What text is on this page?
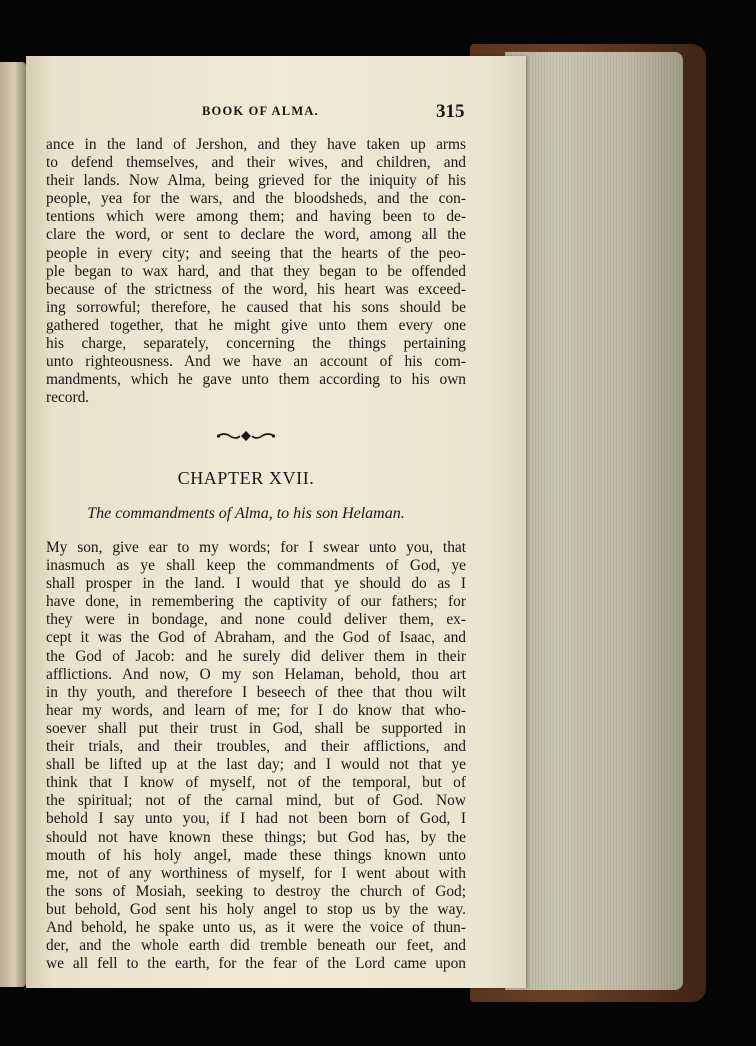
BOOK OF ALMA.	315
ance in the land of Jershon, and they have taken up arms
to defend themselves, and their wives, and children, and
their lands. Now Alma, being grieved for the iniquity of his
people, yea for the wars, and the bloodsheds, and the con-
tentions which were among them; and having been to de-
clare the word, or sent to declare the word, among all the
people in every city; and seeing that the hearts of the peo-
ple began to wax hard, and that they began to be offended
because of the strictness of the word, his heart was exceed-
ing sorrowful; therefore, he caused that his sons should be
gathered together, that he might give unto them every one
his charge, separately, concerning the things pertaining
unto righteousness. And we have an account of his com-
mandments, which he gave unto them according to his own
record.
CHAPTER XVII.
The commandments of Alma, to his son Helaman.
My son, give ear to my words; for I swear unto you, that
inasmuch as ye shall keep the commandments of God, ye
shall prosper in the land. I would that ye should do as I
have done, in remembering the captivity of our fathers; for
they were in bondage, and none could deliver them, ex-
cept it was the God of Abraham, and the God of Isaac, and
the God of Jacob: and he surely did deliver them in their
afflictions. And now, O my son Helaman, behold, thou art
in thy youth, and therefore I beseech of thee that thou wilt
hear my words, and learn of me; for I do know that who-
soever shall put their trust in God, shall be supported in
their trials, and their troubles, and their afflictions, and
shall be lifted up at the last day; and I would not that ye
think that I know of myself, not of the temporal, but of
the spiritual; not of the carnal mind, but of God. Now
behold I say unto you, if I had not been born of God, I
should not have known these things; but God has, by the
mouth of his holy angel, made these things known unto
me, not of any worthiness of myself, for I went about with
the sons of Mosiah, seeking to destroy the church of God;
but behold, God sent his holy angel to stop us by the way.
And behold, he spake unto us, as it were the voice of thun-
der, and the whole earth did tremble beneath our feet, and
we all fell to the earth, for the fear of the Lord came upon
